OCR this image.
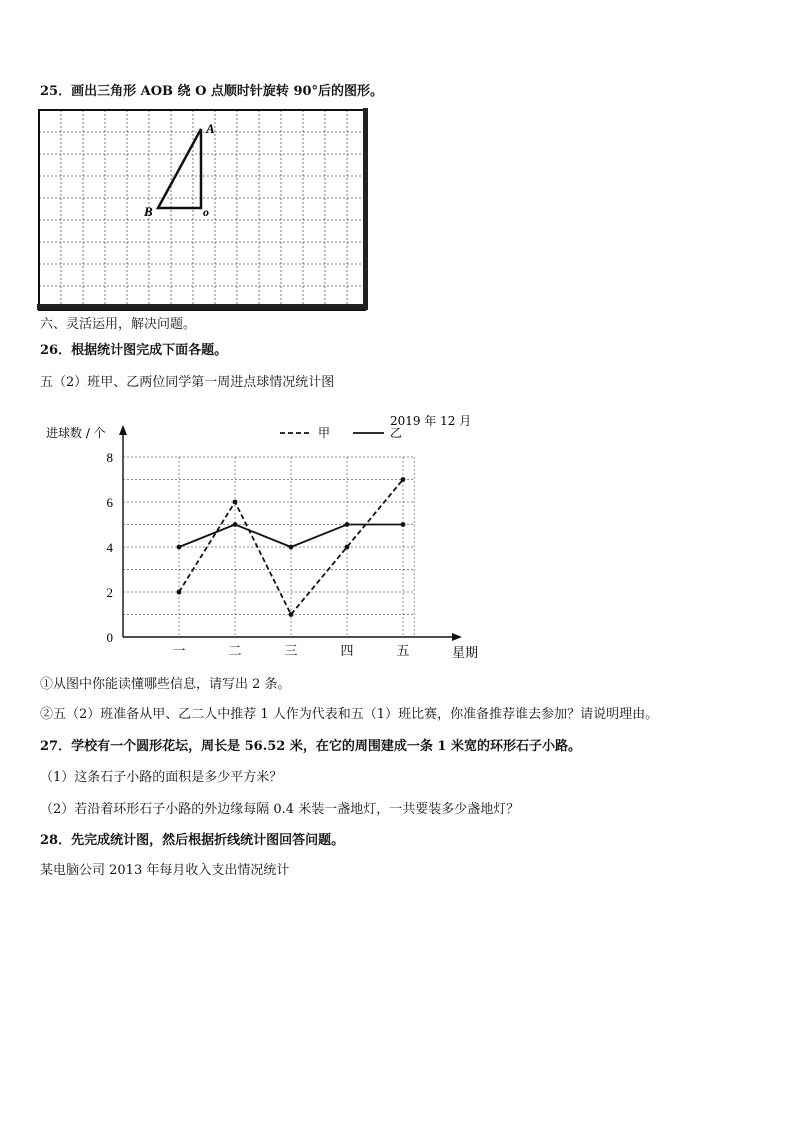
25．画出三角形 AOB 绕 O 点顺时针旋转 90°后的图形。
A
B	o
六、灵活运用，解决问题。
26．根据统计图完成下面各题。
五（2）班甲、乙两位同学第一周进点球情况统计图
0
2
4
6
8
一	二	三	四	五
进球数 / 个
星期
2019 年 12 月
甲	乙
①从图中你能读懂哪些信息，请写出 2 条。
②五（2）班准备从甲、乙二人中推荐 1 人作为代表和五（1）班比赛，你准备推荐谁去参加？请说明理由。
27．学校有一个圆形花坛，周长是 56.52 米，在它的周围建成一条 1 米宽的环形石子小路。
（1）这条石子小路的面积是多少平方米？
（2）若沿着环形石子小路的外边缘每隔 0.4 米装一盏地灯，一共要装多少盏地灯？
28．先完成统计图，然后根据折线统计图回答问题。
某电脑公司 2013 年每月收入支出情况统计
